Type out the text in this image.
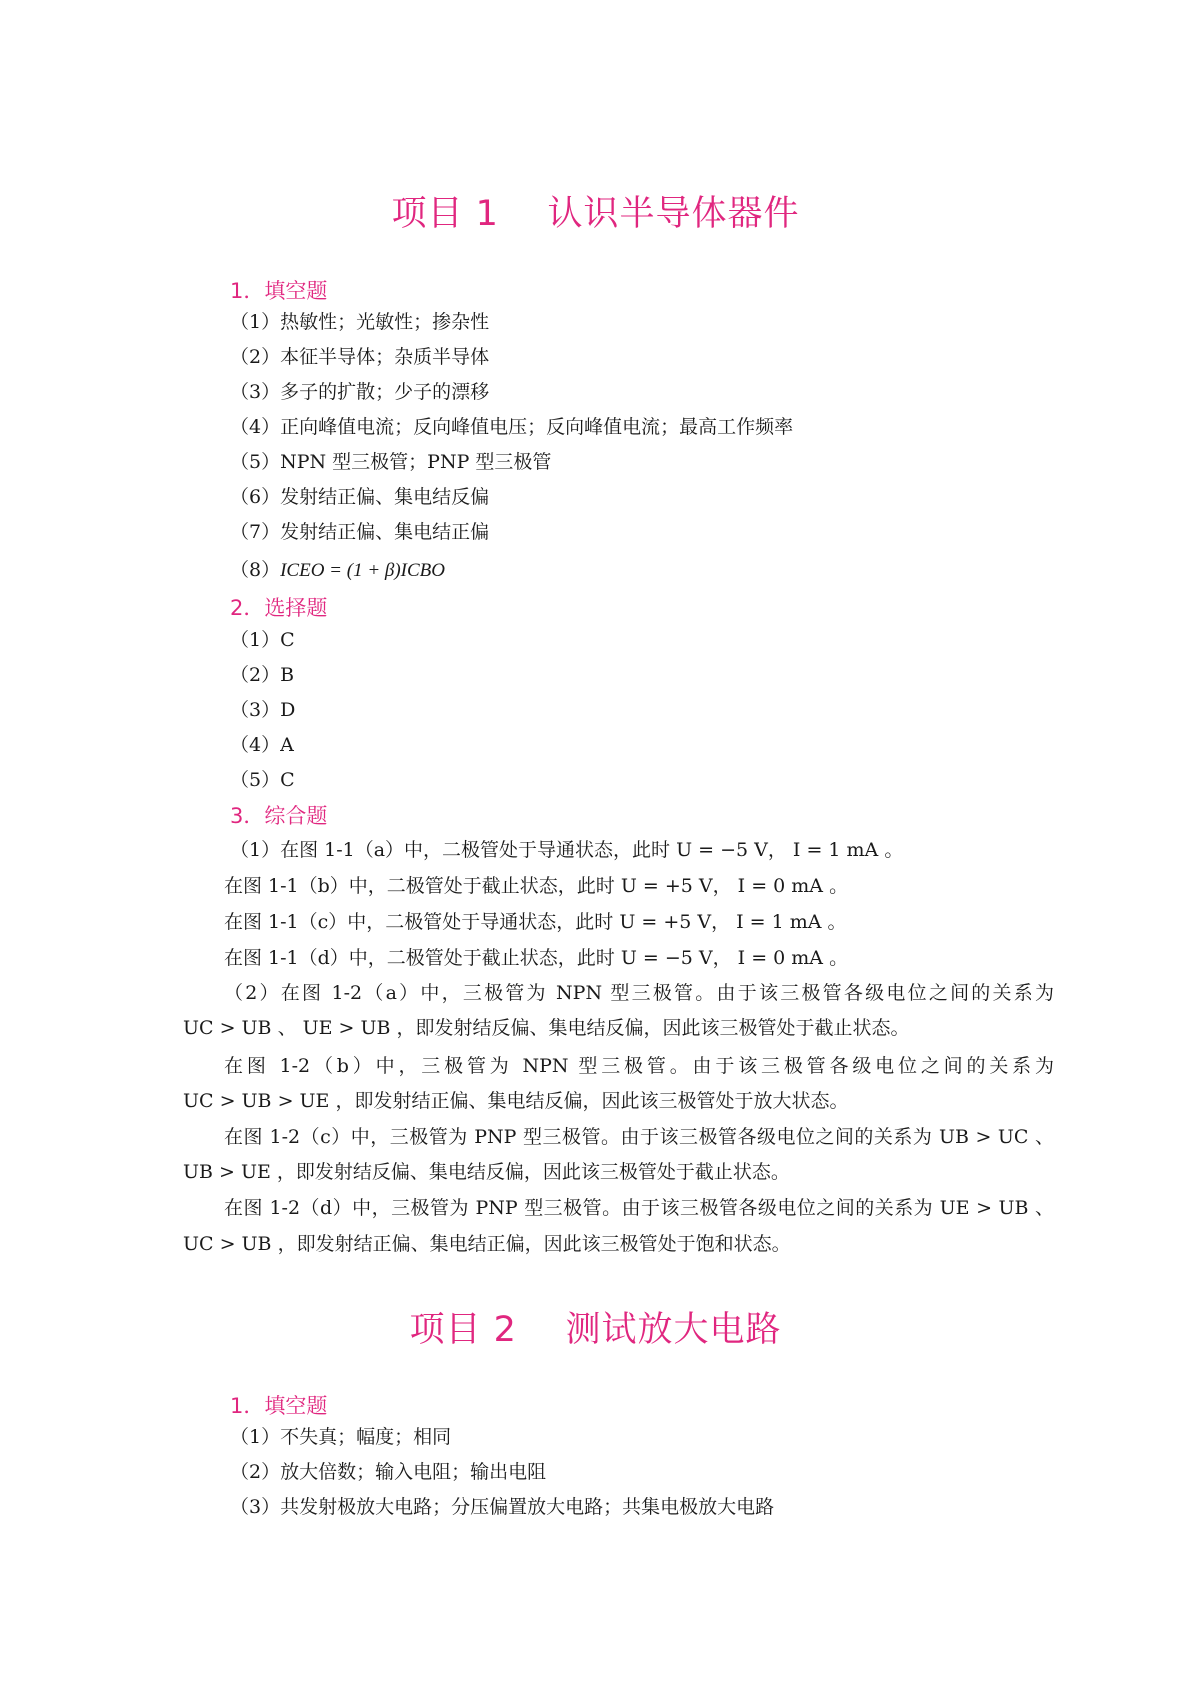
项目 1    认识半导体器件
1．填空题
（1）热敏性；光敏性；掺杂性
（2）本征半导体；杂质半导体
（3）多子的扩散；少子的漂移
（4）正向峰值电流；反向峰值电压；反向峰值电流；最高工作频率
（5）NPN 型三极管；PNP 型三极管
（6）发射结正偏、集电结反偏
（7）发射结正偏、集电结正偏
（8）ICEO = (1 + β)ICBO
2．选择题
（1）C
（2）B
（3）D
（4）A
（5）C
3．综合题
（1）在图 1-1（a）中，二极管处于导通状态，此时 U = −5 V， I = 1 mA 。
在图 1-1（b）中，二极管处于截止状态，此时 U = +5 V， I = 0 mA 。
在图 1-1（c）中，二极管处于导通状态，此时 U = +5 V， I = 1 mA 。
在图 1-1（d）中，二极管处于截止状态，此时 U = −5 V， I = 0 mA 。
（2）在图 1-2（a）中，三极管为 NPN 型三极管。由于该三极管各级电位之间的关系为
UC > UB 、 UE > UB ，即发射结反偏、集电结反偏，因此该三极管处于截止状态。
在图 1-2（b）中，三极管为 NPN 型三极管。由于该三极管各级电位之间的关系为
UC > UB > UE ，即发射结正偏、集电结反偏，因此该三极管处于放大状态。
在图 1-2（c）中，三极管为 PNP 型三极管。由于该三极管各级电位之间的关系为 UB > UC 、
UB > UE ，即发射结反偏、集电结反偏，因此该三极管处于截止状态。
在图 1-2（d）中，三极管为 PNP 型三极管。由于该三极管各级电位之间的关系为 UE > UB 、
UC > UB ，即发射结正偏、集电结正偏，因此该三极管处于饱和状态。
项目 2    测试放大电路
1．填空题
（1）不失真；幅度；相同
（2）放大倍数；输入电阻；输出电阻
（3）共发射极放大电路；分压偏置放大电路；共集电极放大电路
